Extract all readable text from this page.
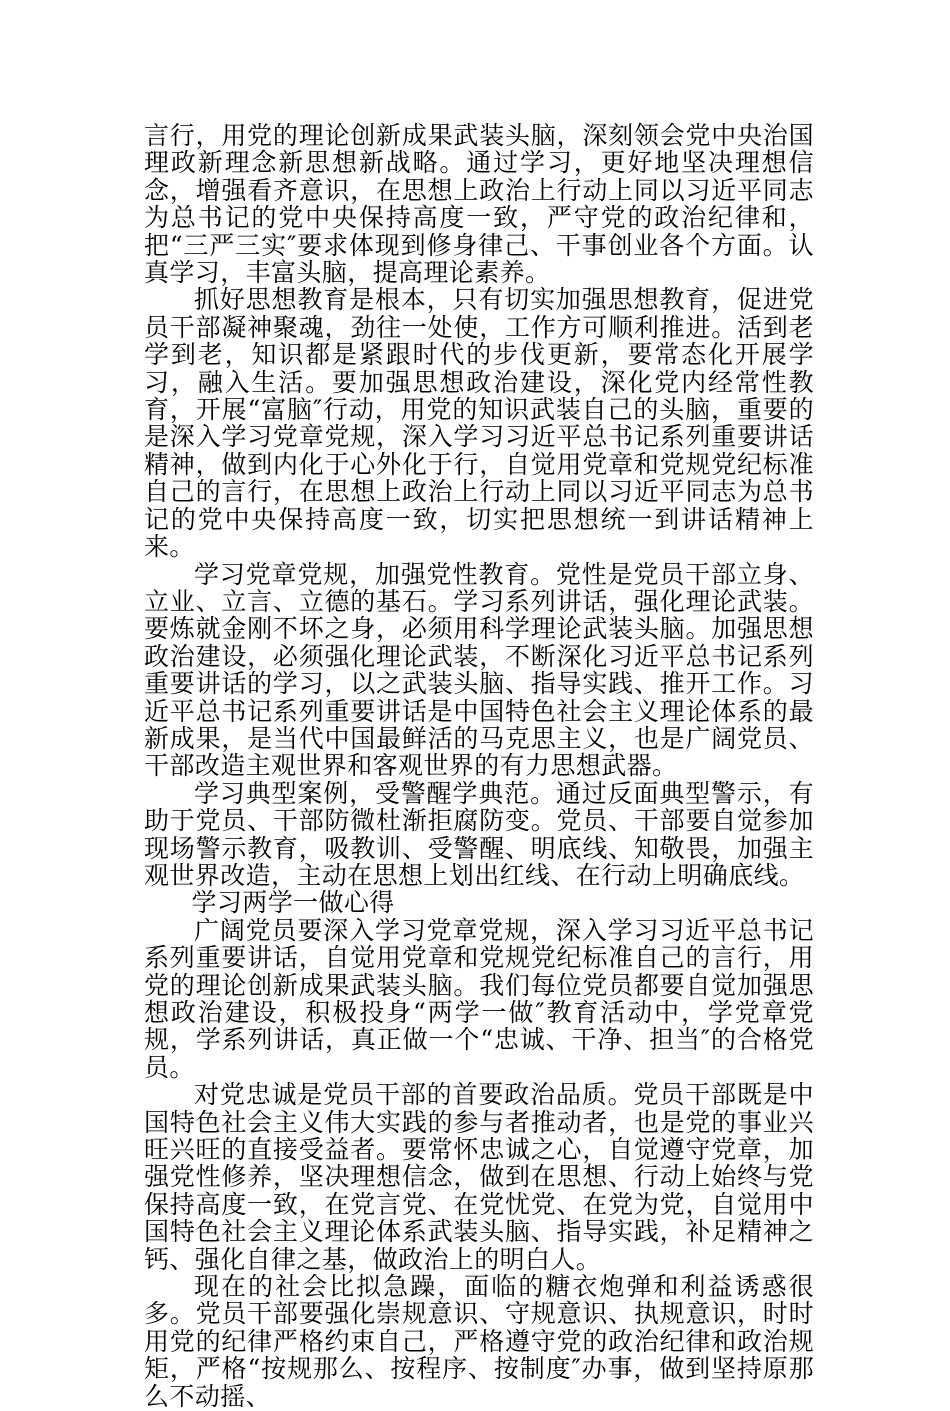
言行，用党的理论创新成果武装头脑，深刻领会党中央治国理政新理念新思想新战略。通过学习，更好地坚决理想信念，增强看齐意识，在思想上政治上行动上同以习近平同志为总书记的党中央保持高度一致，严守党的政治纪律和，把“三严三实″要求体现到修身律己、干事创业各个方面。认真学习，丰富头脑，提高理论素养。

抓好思想教育是根本，只有切实加强思想教育，促进党员干部凝神聚魂，劲往一处使，工作方可顺利推进。活到老学到老，知识都是紧跟时代的步伐更新，要常态化开展学习，融入生活。要加强思想政治建设，深化党内经常性教育，开展“富脑″行动，用党的知识武装自己的头脑，重要的是深入学习党章党规，深入学习习近平总书记系列重要讲话精神，做到内化于心外化于行，自觉用党章和党规党纪标准自己的言行，在思想上政治上行动上同以习近平同志为总书记的党中央保持高度一致，切实把思想统一到讲话精神上来。

学习党章党规，加强党性教育。党性是党员干部立身、立业、立言、立德的基石。学习系列讲话，强化理论武装。要炼就金刚不坏之身，必须用科学理论武装头脑。加强思想政治建设，必须强化理论武装，不断深化习近平总书记系列重要讲话的学习，以之武装头脑、指导实践、推开工作。习近平总书记系列重要讲话是中国特色社会主义理论体系的最新成果，是当代中国最鲜活的马克思主义，也是广阔党员、干部改造主观世界和客观世界的有力思想武器。

学习典型案例，受警醒学典范。通过反面典型警示，有助于党员、干部防微杜渐拒腐防变。党员、干部要自觉参加现场警示教育，吸教训、受警醒、明底线、知敬畏，加强主观世界改造，主动在思想上划出红线、在行动上明确底线。

学习两学一做心得

广阔党员要深入学习党章党规，深入学习习近平总书记系列重要讲话，自觉用党章和党规党纪标准自己的言行，用党的理论创新成果武装头脑。我们每位党员都要自觉加强思想政治建设，积极投身“两学一做″教育活动中，学党章党规，学系列讲话，真正做一个“忠诚、干净、担当″的合格党员。

对党忠诚是党员干部的首要政治品质。党员干部既是中国特色社会主义伟大实践的参与者推动者，也是党的事业兴旺兴旺的直接受益者。要常怀忠诚之心，自觉遵守党章，加强党性修养，坚决理想信念，做到在思想、行动上始终与党保持高度一致，在党言党、在党忧党、在党为党，自觉用中国特色社会主义理论体系武装头脑、指导实践，补足精神之钙、强化自律之基，做政治上的明白人。

现在的社会比拟急躁，面临的糖衣炮弹和利益诱惑很多。党员干部要强化崇规意识、守规意识、执规意识，时时用党的纪律严格约束自己，严格遵守党的政治纪律和政治规矩，严格“按规那么、按程序、按制度″办事，做到坚持原那么不动摇、
